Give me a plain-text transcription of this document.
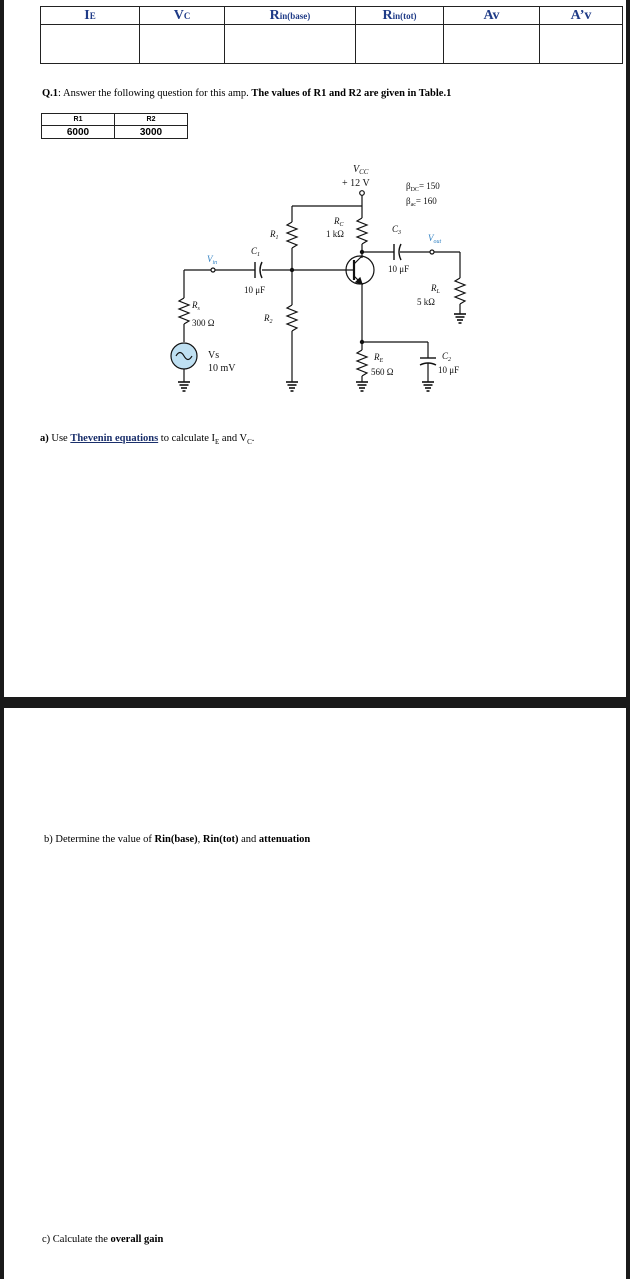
IE	VC	Rin(base)	Rin(tot)	Av	A’v

Q.1: Answer the following question for this amp. The values of R1 and R2 are given in Table.1
R1	R2
6000	3000
$V_{CC}$
+ 12 V	$\beta_{DC}= 150$
$\beta_{ac}= 160$
$R_C$
1 kΩ
$R_1$
$R_2$
$C_1$
10 μF
$C_3$
10 μF
$V_{in}$
$V_{out}$
$R_s$
300 Ω
Vs
10 mV
$R_L$
5 kΩ
$R_E$
560 Ω
$C_2$
10 μF
a) Use Thevenin equations to calculate $I_E$ and $V_C$.
b) Determine the value of Rin(base), Rin(tot) and attenuation
c) Calculate the overall gain
